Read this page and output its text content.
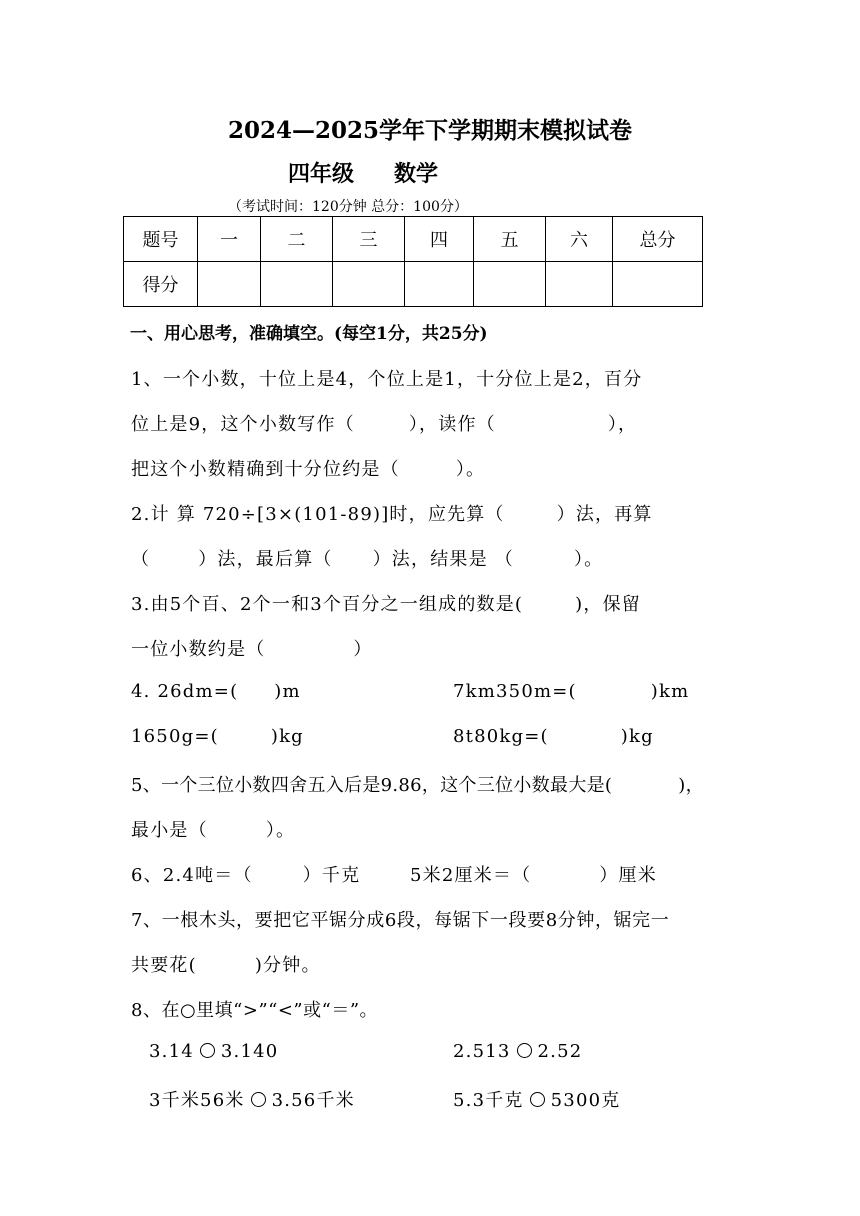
2024—2025学年下学期期末模拟试卷
四年级 数学
（考试时间：120分钟 总分：100分）
题号	一	二	三	四	五	六	总分
得分							
一、用心思考，准确填空。(每空1分，共25分)
1、一个小数，十位上是4，个位上是1，十分位上是2，百分
位上是9，这个小数写作（	），读作（	），
把这个小数精确到十分位约是（	）。
2.计 算 720÷[3×(101-89)]时，应先算（	）法，再算
（	）法，最后算（ ）法，结果是 （	）。
3.由5个百、2个一和3个百分之一组成的数是(	)，保留
一位小数约是（	）
4. 26dm=( )m	7km350m=(	)km
1650g=(	)kg	8t80kg=(	)kg
5、一个三位小数四舍五入后是9.86，这个三位小数最大是(	)，
最小是（	）。
6、2.4吨＝（	）千克	5米2厘米＝（	）厘米
7、一根木头，要把它平锯分成6段，每锯下一段要8分钟，锯完一
共要花(	)分钟。
8、在○里填“>”“<”或“＝”。
3.14 3.140	2.513 2.52
3千米56米 3.56千米	5.3千克 5300克
